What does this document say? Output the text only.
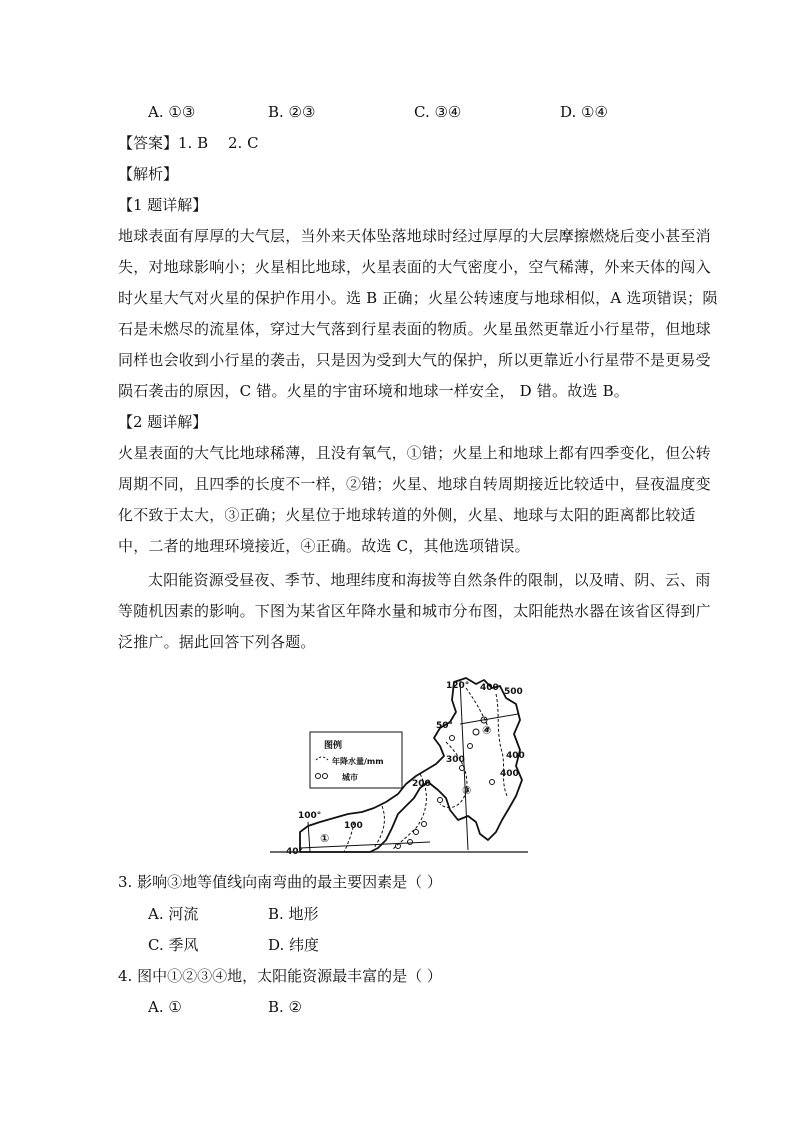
A. ①③	B. ②③	C. ③④	D. ①④
【答案】1. B 2. C
【解析】
【1 题详解】
地球表面有厚厚的大气层，当外来天体坠落地球时经过厚厚的大层摩擦燃烧后变小甚至消
失，对地球影响小；火星相比地球，火星表面的大气密度小，空气稀薄，外来天体的闯入
时火星大气对火星的保护作用小。选 B 正确；火星公转速度与地球相似，A 选项错误；陨
石是未燃尽的流星体，穿过大气落到行星表面的物质。火星虽然更靠近小行星带，但地球
同样也会收到小行星的袭击，只是因为受到大气的保护，所以更靠近小行星带不是更易受
陨石袭击的原因，C 错。火星的宇宙环境和地球一样安全， D 错。故选 B。
【2 题详解】
火星表面的大气比地球稀薄，且没有氧气，①错；火星上和地球上都有四季变化，但公转
周期不同，且四季的长度不一样，②错；火星、地球自转周期接近比较适中，昼夜温度变
化不致于太大，③正确；火星位于地球转道的外侧，火星、地球与太阳的距离都比较适
中，二者的地理环境接近，④正确。故选 C，其他选项错误。
太阳能资源受昼夜、季节、地理纬度和海拔等自然条件的限制，以及晴、阴、云、雨
等随机因素的影响。下图为某省区年降水量和城市分布图，太阳能热水器在该省区得到广
泛推广。据此回答下列各题。
图例
年降水量/mm
城市
120° 400 500
50°	④
400
400
300
③
200
100°
100
①
40°
3. 影响③地等值线向南弯曲的最主要因素是（ ）
A. 河流	B. 地形
C. 季风	D. 纬度
4. 图中①②③④地，太阳能资源最丰富的是（ ）
A. ①	B. ②
